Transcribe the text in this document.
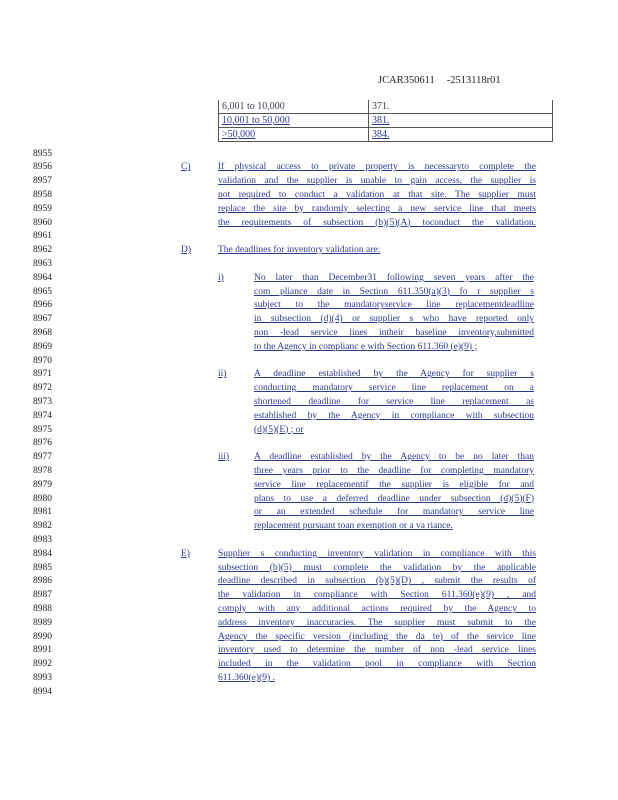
JCAR350611 -2513118r01
6,001 to 10,000	371.
10,001 to 50,000	381.
>50,000	384.
8955
8956
8957
8958
8959
8960
8961
8962
8963
8964
8965
8966
8967
8968
8969
8970
8971
8972
8973
8974
8975
8976
8977
8978
8979
8980
8981
8982
8983
8984
8985
8986
8987
8988
8989
8990
8991
8992
8993
8994
C)	If physical access to private property is necessaryto complete the
validation and the supplier is unable to gain access, the supplier is
not required to conduct a validation at that site. The supplier must
replace the site by randomly selecting a new service line that meets
the requirements of subsection (b)(5)(A) toconduct the validation.
D)	The deadlines for inventory validation are:
i)	No later than December31 following seven years after the
com pliance date in Section 611.350(a)(3) fo r supplier s
subject to the mandatoryservice line replacementdeadline
in subsection (d)(4) or supplier s who have reported only
non -lead service lines intheir baseline inventory,submitted
to the Agency in complianc e with Section 611.360 (e)(9) ;
ii)	A deadline established by the Agency for supplier s
conducting mandatory service line replacement on a
shortened deadline for service line replacement as
established by the Agency in compliance with subsection
(d)(5)(E) ; or
iii)	A deadline established by the Agency to be no later than
three years prior to the deadline for completing mandatory
service line replacementif the supplier is eligible for and
plans to use a deferred deadline under subsection (d)(5)(F)
or an extended schedule for mandatory service line
replacement pursuant toan exemption or a va riance.
E)	Supplier s conducting inventory validation in compliance with this
subsection (b)(5) must complete the validation by the applicable
deadline described in subsection (b)(5)(D) , submit the results of
the validation in compliance with Section 611.360(e)(9) , and
comply with any additional actions required by the Agency to
address inventory inaccuracies. The supplier must submit to the
Agency the specific version (including the da te) of the service line
inventory used to determine the number of non -lead service lines
included in the validation pool in compliance with Section
611.360(e)(9) .
